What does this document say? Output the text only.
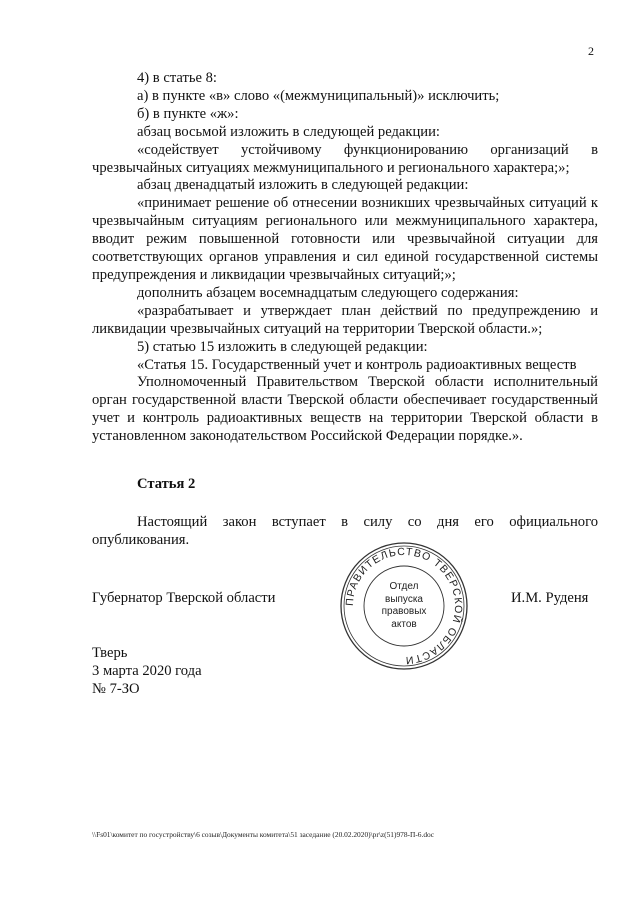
2

4) в статье 8:

а) в пункте «в» слово «(межмуниципальный)» исключить;

б) в пункте «ж»:

абзац восьмой изложить в следующей редакции:

«содействует устойчивому функционированию организаций в

чрезвычайных ситуациях межмуниципального и регионального характера;»;

абзац двенадцатый изложить в следующей редакции:

«принимает решение об отнесении возникших чрезвычайных ситуаций к чрезвычайным ситуациям регионального или межмуниципального характера, вводит режим повышенной готовности или чрезвычайной ситуации для соответствующих органов управления и сил единой государственной системы предупреждения и ликвидации чрезвычайных ситуаций;»;

дополнить абзацем восемнадцатым следующего содержания:

«разрабатывает и утверждает план действий по предупреждению и ликвидации чрезвычайных ситуаций на территории Тверской области.»;

5) статью 15 изложить в следующей редакции:

«Статья 15. Государственный учет и контроль радиоактивных веществ

Уполномоченный Правительством Тверской области исполнительный орган государственной власти Тверской области обеспечивает государственный учет и контроль радиоактивных веществ на территории Тверской области в установленном законодательством Российской Федерации порядке.».

Статья 2

Настоящий закон вступает в силу со дня его официального опубликования.

Губернатор Тверской области	ПРАВИТЕЛЬСТВО ТВЕРСКОЙ ОБЛАСТИ
Отдел
выпуска
правовых
актов
И.М. Руденя
Тверь
3 марта 2020 года
№ 7-ЗО
\\Fs01\комитет по госустройству\6 созыв\Документы комитета\51 заседание (20.02.2020)\pr\z(51)978-П-6.doc
